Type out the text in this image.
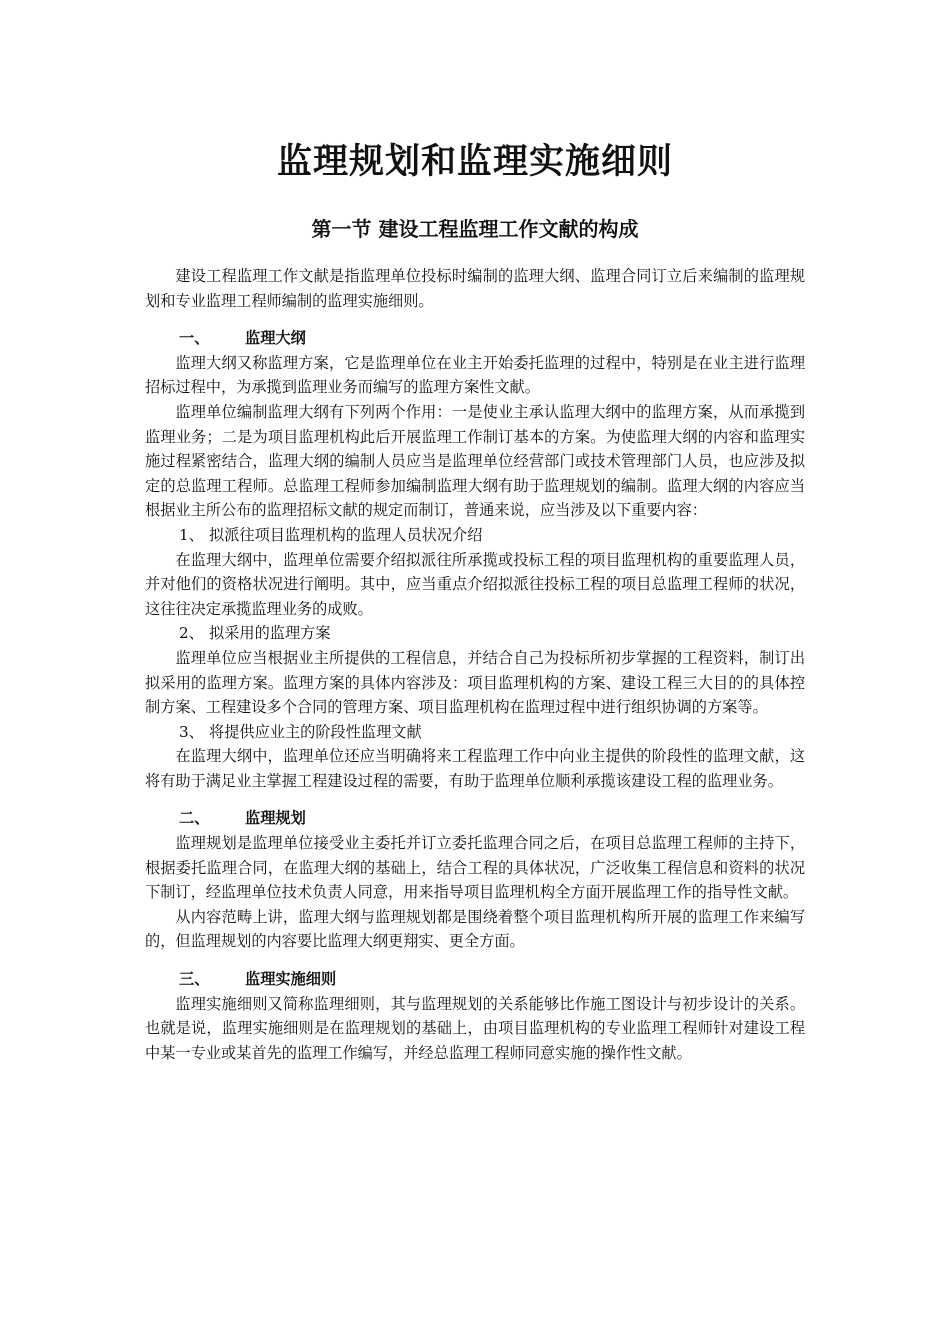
监理规划和监理实施细则
第一节 建设工程监理工作文献的构成

建设工程监理工作文献是指监理单位投标时编制的监理大纲、监理合同订立后来编制的监理规划和专业监理工程师编制的监理实施细则。

一、 监理大纲

监理大纲又称监理方案，它是监理单位在业主开始委托监理的过程中，特别是在业主进行监理招标过程中，为承揽到监理业务而编写的监理方案性文献。

监理单位编制监理大纲有下列两个作用：一是使业主承认监理大纲中的监理方案，从而承揽到监理业务；二是为项目监理机构此后开展监理工作制订基本的方案。为使监理大纲的内容和监理实施过程紧密结合，监理大纲的编制人员应当是监理单位经营部门或技术管理部门人员，也应涉及拟定的总监理工程师。总监理工程师参加编制监理大纲有助于监理规划的编制。监理大纲的内容应当根据业主所公布的监理招标文献的规定而制订，普通来说，应当涉及以下重要内容：

1、 拟派往项目监理机构的监理人员状况介绍

在监理大纲中，监理单位需要介绍拟派往所承揽或投标工程的项目监理机构的重要监理人员，并对他们的资格状况进行阐明。其中，应当重点介绍拟派往投标工程的项目总监理工程师的状况，这往往决定承揽监理业务的成败。

2、 拟采用的监理方案

监理单位应当根据业主所提供的工程信息，并结合自己为投标所初步掌握的工程资料，制订出拟采用的监理方案。监理方案的具体内容涉及：项目监理机构的方案、建设工程三大目的的具体控制方案、工程建设多个合同的管理方案、项目监理机构在监理过程中进行组织协调的方案等。

3、 将提供应业主的阶段性监理文献

在监理大纲中，监理单位还应当明确将来工程监理工作中向业主提供的阶段性的监理文献，这将有助于满足业主掌握工程建设过程的需要，有助于监理单位顺利承揽该建设工程的监理业务。

二、 监理规划

监理规划是监理单位接受业主委托并订立委托监理合同之后，在项目总监理工程师的主持下，根据委托监理合同，在监理大纲的基础上，结合工程的具体状况，广泛收集工程信息和资料的状况下制订，经监理单位技术负责人同意，用来指导项目监理机构全方面开展监理工作的指导性文献。

从内容范畴上讲，监理大纲与监理规划都是围绕着整个项目监理机构所开展的监理工作来编写的，但监理规划的内容要比监理大纲更翔实、更全方面。

三、 监理实施细则

监理实施细则又简称监理细则，其与监理规划的关系能够比作施工图设计与初步设计的关系。也就是说，监理实施细则是在监理规划的基础上，由项目监理机构的专业监理工程师针对建设工程中某一专业或某首先的监理工作编写，并经总监理工程师同意实施的操作性文献。
